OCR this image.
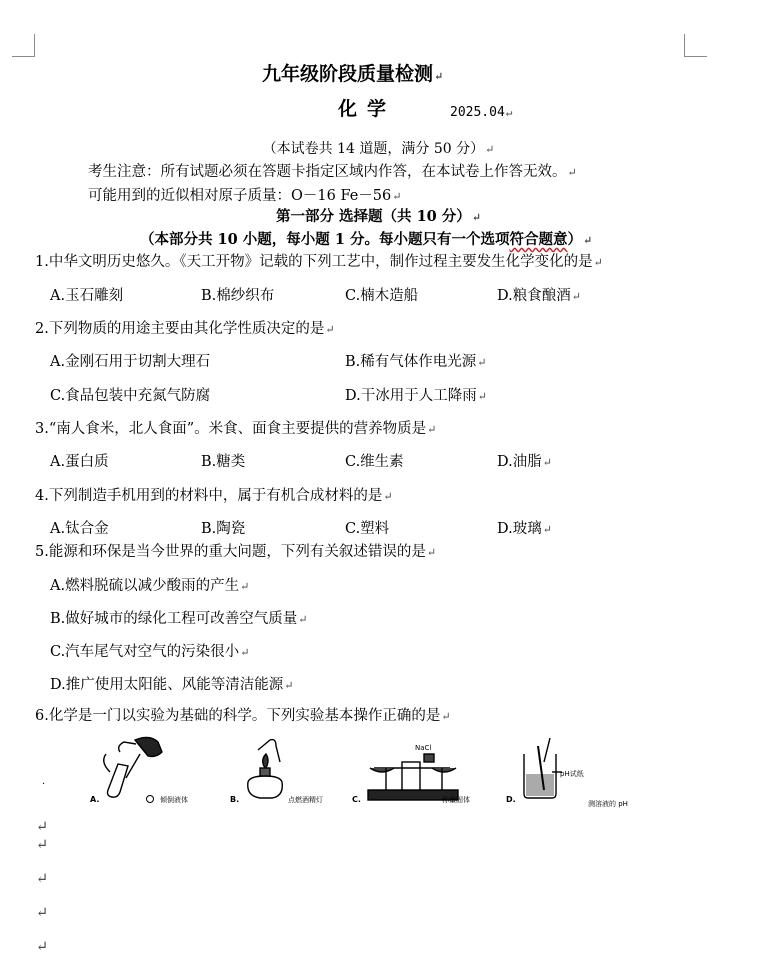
九年级阶段质量检测↵
化学	2025.04↵
（本试卷共 14 道题，满分 50 分）↵
考生注意：所有试题必须在答题卡指定区域内作答，在本试卷上作答无效。↵
可能用到的近似相对原子质量：O－16 Fe－56↵
第一部分 选择题（共 10 分）↵
（本部分共 10 小题，每小题 1 分。每小题只有一个选项符合题意）↵
1.中华文明历史悠久。《天工开物》记载的下列工艺中，制作过程主要发生化学变化的是↵
A.玉石雕刻	B.棉纱织布	C.楠木造船	D.粮食酿酒↵
2.下列物质的用途主要由其化学性质决定的是↵
A.金刚石用于切割大理石	B.稀有气体作电光源↵
C.食品包装中充氮气防腐	D.干冰用于人工降雨↵
3.“南人食米，北人食面”。米食、面食主要提供的营养物质是↵
A.蛋白质	B.糖类	C.维生素	D.油脂↵
4.下列制造手机用到的材料中，属于有机合成材料的是↵
A.钛合金	B.陶瓷	C.塑料	D.玻璃↵
5.能源和环保是当今世界的重大问题，下列有关叙述错误的是↵
A.燃料脱硫以减少酸雨的产生↵
B.做好城市的绿化工程可改善空气质量↵
C.汽车尾气对空气的污染很小↵
D.推广使用太阳能、风能等清洁能源↵
6.化学是一门以实验为基础的科学。下列实验基本操作正确的是↵
·
A.	倾倒液体	B.	点燃酒精灯
NaCl
C.	称量固体
pH试纸
D.	测溶液的 pH
↵
↵
↵
↵
↵
